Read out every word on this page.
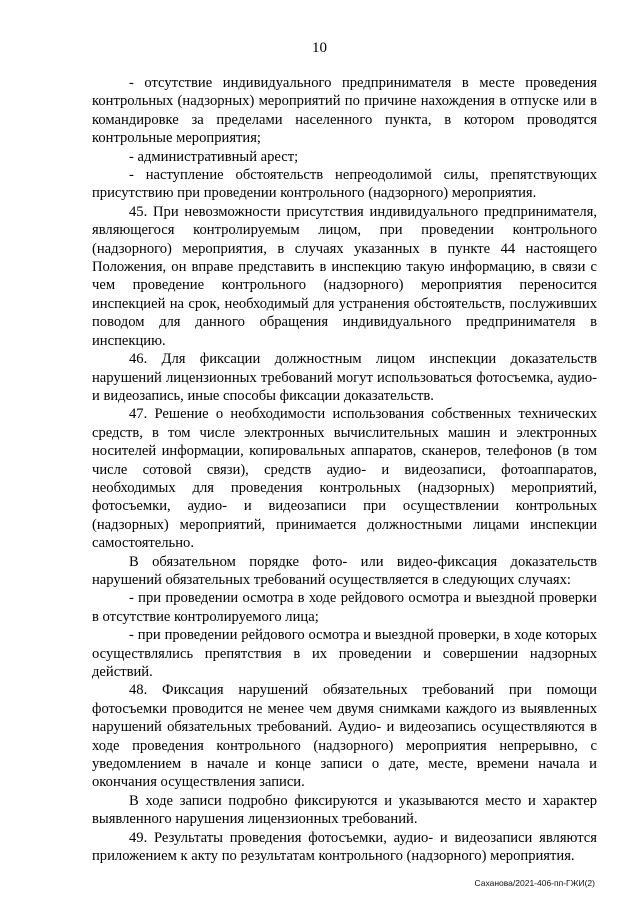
10

- отсутствие индивидуального предпринимателя в месте проведения контрольных (надзорных) мероприятий по причине нахождения в отпуске или в командировке за пределами населенного пункта, в котором проводятся контрольные мероприятия;

- административный арест;

- наступление обстоятельств непреодолимой силы, препятствующих присутствию при проведении контрольного (надзорного) мероприятия.

45. При невозможности присутствия индивидуального предпринимателя, являющегося контролируемым лицом, при проведении контрольного (надзорного) мероприятия, в случаях указанных в пункте 44 настоящего Положения, он вправе представить в инспекцию такую информацию, в связи с чем проведение контрольного (надзорного) мероприятия переносится инспекцией на срок, необходимый для устранения обстоятельств, послуживших поводом для данного обращения индивидуального предпринимателя в инспекцию.

46. Для фиксации должностным лицом инспекции доказательств нарушений лицензионных требований могут использоваться фотосъемка, аудио- и видеозапись, иные способы фиксации доказательств.

47. Решение о необходимости использования собственных технических средств, в том числе электронных вычислительных машин и электронных носителей информации, копировальных аппаратов, сканеров, телефонов (в том числе сотовой связи), средств аудио- и видеозаписи, фотоаппаратов, необходимых для проведения контрольных (надзорных) мероприятий, фотосъемки, аудио- и видеозаписи при осуществлении контрольных (надзорных) мероприятий, принимается должностными лицами инспекции самостоятельно.

В обязательном порядке фото- или видео-фиксация доказательств нарушений обязательных требований осуществляется в следующих случаях:

- при проведении осмотра в ходе рейдового осмотра и выездной проверки в отсутствие контролируемого лица;

- при проведении рейдового осмотра и выездной проверки, в ходе которых осуществлялись препятствия в их проведении и совершении надзорных действий.

48. Фиксация нарушений обязательных требований при помощи фотосъемки проводится не менее чем двумя снимками каждого из выявленных нарушений обязательных требований. Аудио- и видеозапись осуществляются в ходе проведения контрольного (надзорного) мероприятия непрерывно, с уведомлением в начале и конце записи о дате, месте, времени начала и окончания осуществления записи.

В ходе записи подробно фиксируются и указываются место и характер выявленного нарушения лицензионных требований.

49. Результаты проведения фотосъемки, аудио- и видеозаписи являются приложением к акту по результатам контрольного (надзорного) мероприятия.

Саханова/2021-406-пп-ГЖИ(2)
